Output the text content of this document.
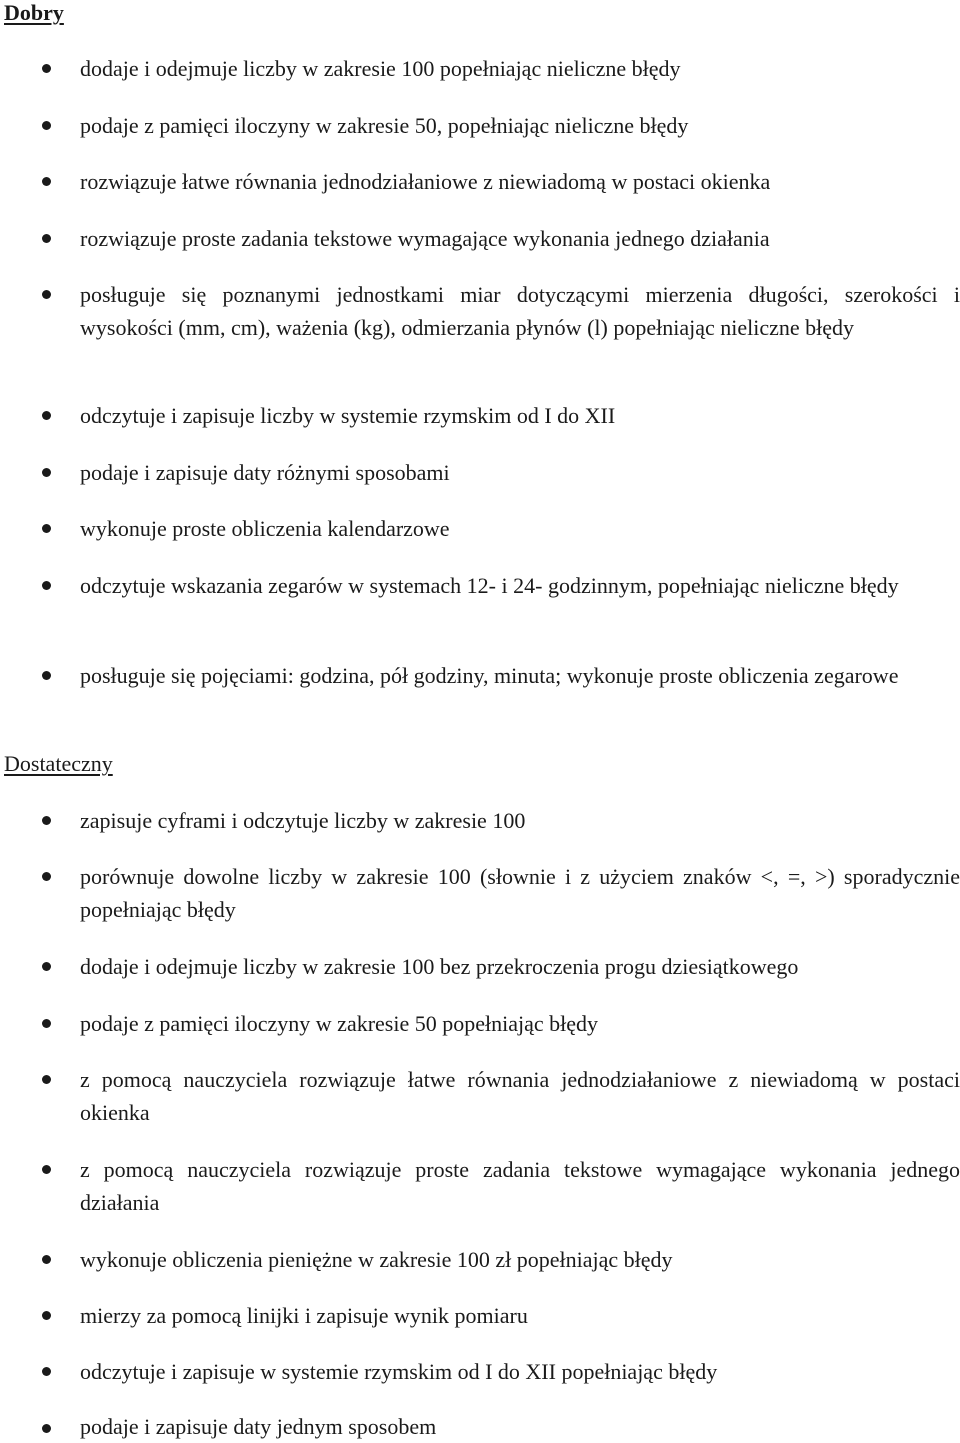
Dobry
dodaje i odejmuje liczby w zakresie 100 popełniając nieliczne błędy
podaje z pamięci iloczyny w zakresie 50, popełniając nieliczne błędy
rozwiązuje łatwe równania jednodziałaniowe z niewiadomą w postaci okienka
rozwiązuje proste zadania tekstowe wymagające wykonania jednego działania
posługuje się poznanymi jednostkami miar dotyczącymi mierzenia długości, szerokości i wysokości (mm, cm), ważenia (kg), odmierzania płynów (l) popełniając nieliczne błędy
odczytuje i zapisuje liczby w systemie rzymskim od I do XII
podaje i zapisuje daty różnymi sposobami
wykonuje proste obliczenia kalendarzowe
odczytuje wskazania zegarów w systemach 12- i 24- godzinnym, popełniając nieliczne błędy
posługuje się pojęciami: godzina, pół godziny, minuta; wykonuje proste obliczenia zegarowe
Dostateczny
zapisuje cyframi i odczytuje liczby w zakresie 100
porównuje dowolne liczby w zakresie 100 (słownie i z użyciem znaków <, =, >) sporadycznie popełniając błędy
dodaje i odejmuje liczby w zakresie 100 bez przekroczenia progu dziesiątkowego
podaje z pamięci iloczyny w zakresie 50 popełniając błędy
z pomocą nauczyciela rozwiązuje łatwe równania jednodziałaniowe z niewiadomą w postaci okienka
z pomocą nauczyciela rozwiązuje proste zadania tekstowe wymagające wykonania jednego działania
wykonuje obliczenia pieniężne w zakresie 100 zł popełniając błędy
mierzy za pomocą linijki i zapisuje wynik pomiaru
odczytuje i zapisuje w systemie rzymskim od I do XII popełniając błędy
podaje i zapisuje daty jednym sposobem
